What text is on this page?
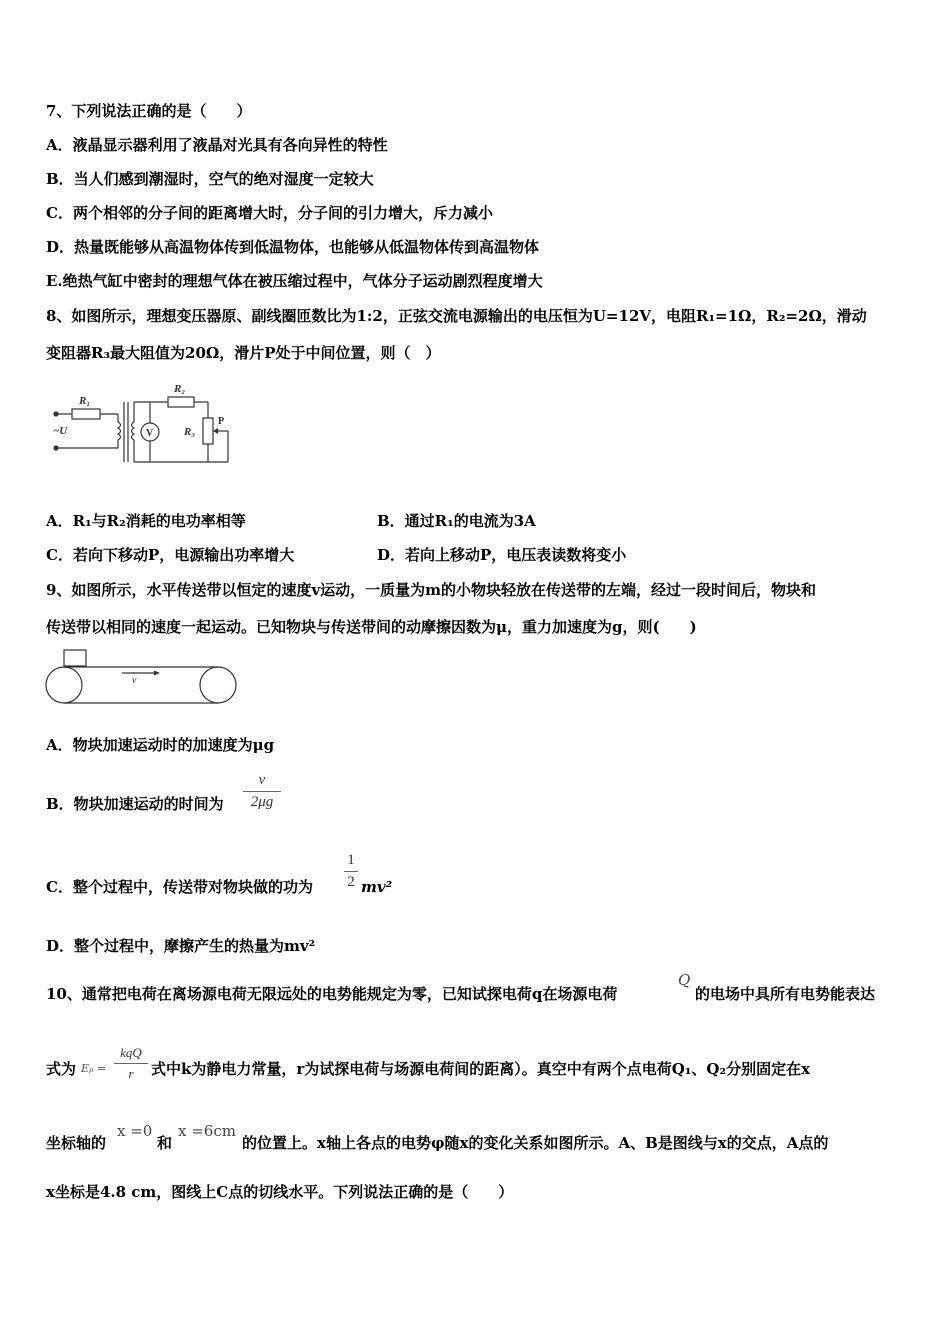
7、下列说法正确的是（　　）
A．液晶显示器利用了液晶对光具有各向异性的特性
B．当人们感到潮湿时，空气的绝对湿度一定较大
C．两个相邻的分子间的距离增大时，分子间的引力增大，斥力减小
D．热量既能够从高温物体传到低温物体，也能够从低温物体传到高温物体
E.绝热气缸中密封的理想气体在被压缩过程中，气体分子运动剧烈程度增大
8、如图所示，理想变压器原、副线圈匝数比为1:2，正弦交流电源输出的电压恒为U=12V，电阻R₁=1Ω，R₂=2Ω，滑动
变阻器R₃最大阻值为20Ω，滑片P处于中间位置，则（　）
R₁
R₂
R₃
~U	V
P
A．R₁与R₂消耗的电功率相等	B．通过R₁的电流为3A
C．若向下移动P，电源输出功率增大	D．若向上移动P，电压表读数将变小
9、如图所示，水平传送带以恒定的速度v运动，一质量为m的小物块轻放在传送带的左端，经过一段时间后，物块和
传送带以相同的速度一起运动。已知物块与传送带间的动摩擦因数为μ，重力加速度为g，则(　　)
v
A．物块加速运动时的加速度为μg
B．物块加速运动的时间为
v
2μg
C．整个过程中，传送带对物块做的功为
1
2 mv²
D．整个过程中，摩擦产生的热量为mv²
10、通常把电荷在离场源电荷无限远处的电势能规定为零，已知试探电荷q在场源电荷
Q
的电场中具所有电势能表达
式为 Eₚ =
kqQ
r	式中k为静电力常量，r为试探电荷与场源电荷间的距离）。真空中有两个点电荷Q₁、Q₂分别固定在x
坐标轴的
x =0
和
x =6cm
的位置上。x轴上各点的电势φ随x的变化关系如图所示。A、B是图线与x的交点，A点的
x坐标是4.8 cm，图线上C点的切线水平。下列说法正确的是（　　）
